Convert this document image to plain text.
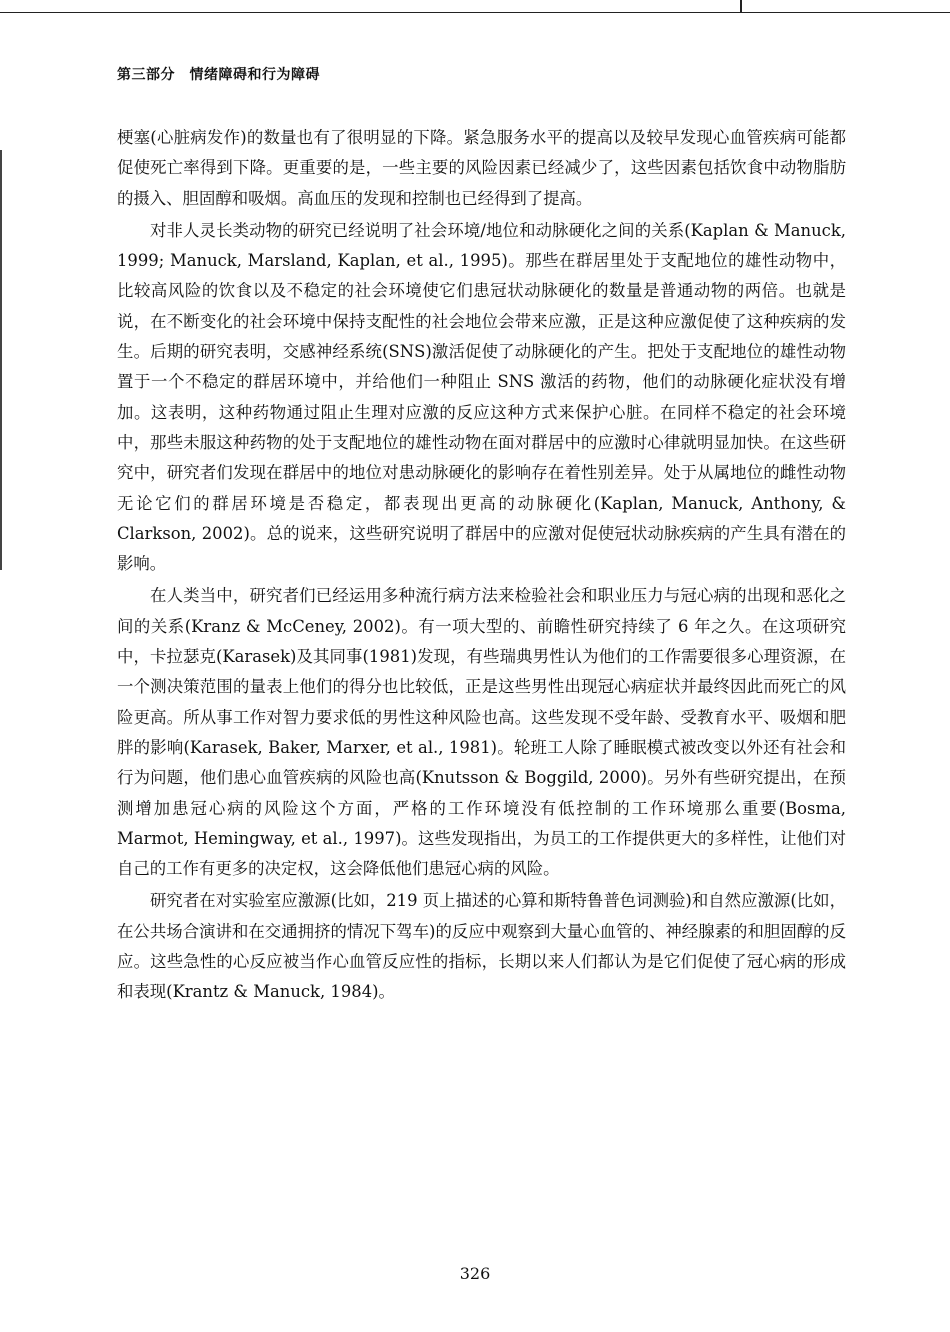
第三部分　情绪障碍和行为障碍

梗塞(心脏病发作)的数量也有了很明显的下降。紧急服务水平的提高以及较早发现心血管疾病可能都促使死亡率得到下降。更重要的是，一些主要的风险因素已经减少了，这些因素包括饮食中动物脂肪的摄入、胆固醇和吸烟。高血压的发现和控制也已经得到了提高。

对非人灵长类动物的研究已经说明了社会环境/地位和动脉硬化之间的关系(Kaplan & Manuck, 1999; Manuck, Marsland, Kaplan, et al., 1995)。那些在群居里处于支配地位的雄性动物中，比较高风险的饮食以及不稳定的社会环境使它们患冠状动脉硬化的数量是普通动物的两倍。也就是说，在不断变化的社会环境中保持支配性的社会地位会带来应激，正是这种应激促使了这种疾病的发生。后期的研究表明，交感神经系统(SNS)激活促使了动脉硬化的产生。把处于支配地位的雄性动物置于一个不稳定的群居环境中，并给他们一种阻止 SNS 激活的药物，他们的动脉硬化症状没有增加。这表明，这种药物通过阻止生理对应激的反应这种方式来保护心脏。在同样不稳定的社会环境中，那些未服这种药物的处于支配地位的雄性动物在面对群居中的应激时心律就明显加快。在这些研究中，研究者们发现在群居中的地位对患动脉硬化的影响存在着性别差异。处于从属地位的雌性动物无论它们的群居环境是否稳定，都表现出更高的动脉硬化(Kaplan, Manuck, Anthony, & Clarkson, 2002)。总的说来，这些研究说明了群居中的应激对促使冠状动脉疾病的产生具有潜在的影响。

在人类当中，研究者们已经运用多种流行病方法来检验社会和职业压力与冠心病的出现和恶化之间的关系(Kranz & McCeney, 2002)。有一项大型的、前瞻性研究持续了 6 年之久。在这项研究中，卡拉瑟克(Karasek)及其同事(1981)发现，有些瑞典男性认为他们的工作需要很多心理资源，在一个测决策范围的量表上他们的得分也比较低，正是这些男性出现冠心病症状并最终因此而死亡的风险更高。所从事工作对智力要求低的男性这种风险也高。这些发现不受年龄、受教育水平、吸烟和肥胖的影响(Karasek, Baker, Marxer, et al., 1981)。轮班工人除了睡眠模式被改变以外还有社会和行为问题，他们患心血管疾病的风险也高(Knutsson & Boggild, 2000)。另外有些研究提出，在预测增加患冠心病的风险这个方面，严格的工作环境没有低控制的工作环境那么重要(Bosma, Marmot, Hemingway, et al., 1997)。这些发现指出，为员工的工作提供更大的多样性，让他们对自己的工作有更多的决定权，这会降低他们患冠心病的风险。

研究者在对实验室应激源(比如，219 页上描述的心算和斯特鲁普色词测验)和自然应激源(比如，在公共场合演讲和在交通拥挤的情况下驾车)的反应中观察到大量心血管的、神经腺素的和胆固醇的反应。这些急性的心反应被当作心血管反应性的指标，长期以来人们都认为是它们促使了冠心病的形成和表现(Krantz & Manuck, 1984)。

326
